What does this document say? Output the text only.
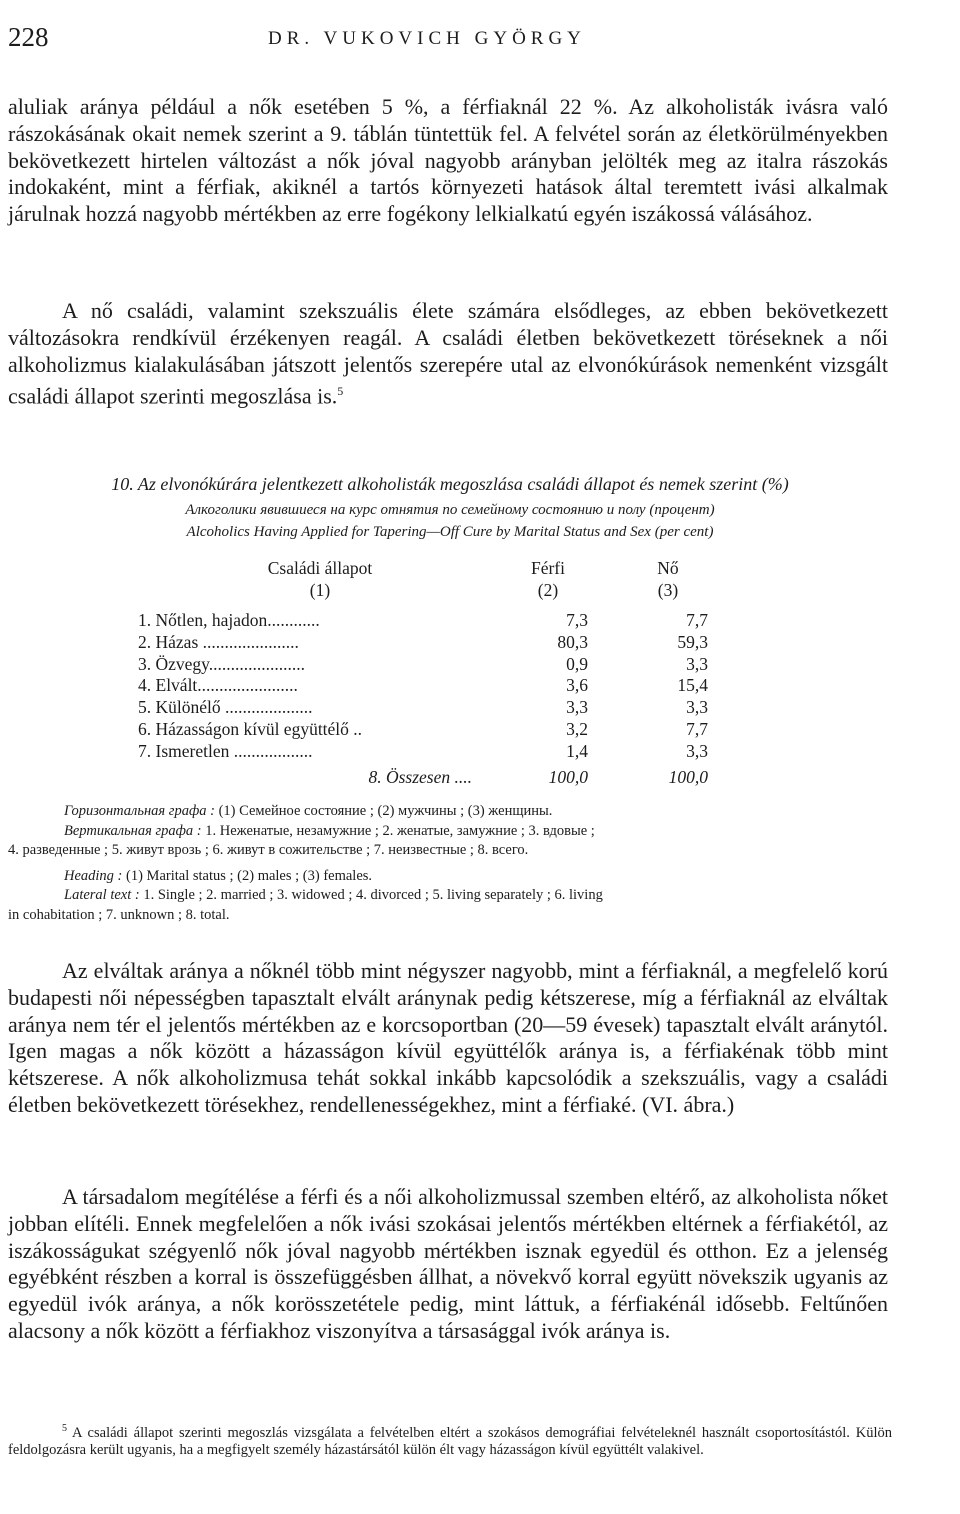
228	DR. VUKOVICH GYÖRGY

aluliak aránya például a nők esetében 5 %, a férfiaknál 22 %. Az alkoholisták ivásra való rászokásának okait nemek szerint a 9. táblán tüntettük fel. A felvétel során az életkörülményekben bekövetkezett hirtelen változást a nők jóval nagyobb arányban jelölték meg az italra rászokás indokaként, mint a férfiak, akiknél a tartós környezeti hatások által teremtett ivási alkalmak járulnak hozzá nagyobb mértékben az erre fogékony lelkialkatú egyén iszákossá válásához.

A nő családi, valamint szekszuális élete számára elsődleges, az ebben bekövetkezett változásokra rendkívül érzékenyen reagál. A családi életben bekövetkezett töréseknek a női alkoholizmus kialakulásában játszott jelentős szerepére utal az elvonókúrások nemenként vizsgált családi állapot szerinti megoszlása is.$^5$

10. Az elvonókúrára jelentkezett alkoholisták megoszlása családi állapot és nemek szerint (%)
Алкоголики явившиеся на курс отнятия по семейному состоянию и полу (процент)
Alcoholics Having Applied for Tapering—Off Cure by Marital Status and Sex (per cent)
Családi állapot	Férfi	Nő
(1)	(2)	(3)
1. Nőtlen, hajadon............	7,3	7,7
2. Házas ......................	80,3	59,3
3. Özvegy......................	0,9	3,3
4. Elvált.......................	3,6	15,4
5. Különélő ....................	3,3	3,3
6. Házasságon kívül együttélő ..	3,2	7,7
7. Ismeretlen ..................	1,4	3,3
8. Összesen ....	100,0	100,0

Горизонтальная графа : (1) Семейное состояние ; (2) мужчины ; (3) женщины.

Вертикальная графа : 1. Неженатые, незамужние ; 2. женатые, замужние ; 3. вдовые ;

4. разведенные ; 5. живут врозь ; 6. живут в сожительстве ; 7. неизвестные ; 8. всего.

Heading : (1) Marital status ; (2) males ; (3) females.

Lateral text : 1. Single ; 2. married ; 3. widowed ; 4. divorced ; 5. living separately ; 6. living

in cohabitation ; 7. unknown ; 8. total.

Az elváltak aránya a nőknél több mint négyszer nagyobb, mint a férfiaknál, a megfelelő korú budapesti női népességben tapasztalt elvált aránynak pedig kétszerese, míg a férfiaknál az elváltak aránya nem tér el jelentős mértékben az e korcsoportban (20—59 évesek) tapasztalt elvált aránytól. Igen magas a nők között a házasságon kívül együttélők aránya is, a férfiakénak több mint kétszerese. A nők alkoholizmusa tehát sokkal inkább kapcsolódik a szekszuális, vagy a családi életben bekövetkezett törésekhez, rendellenességekhez, mint a férfiaké. (VI. ábra.)

A társadalom megítélése a férfi és a női alkoholizmussal szemben eltérő, az alkoholista nőket jobban elítéli. Ennek megfelelően a nők ivási szokásai jelentős mértékben eltérnek a férfiakétól, az iszákosságukat szégyenlő nők jóval nagyobb mértékben isznak egyedül és otthon. Ez a jelenség egyébként részben a korral is összefüggésben állhat, a növekvő korral együtt növekszik ugyanis az egyedül ivók aránya, a nők korösszetétele pedig, mint láttuk, a férfiakénál idősebb. Feltűnően alacsony a nők között a férfiakhoz viszonyítva a társasággal ivók aránya is.

$^5$ A családi állapot szerinti megoszlás vizsgálata a felvételben eltért a szokásos demográfiai felvételeknél használt csoportosítástól. Külön feldolgozásra került ugyanis, ha a megfigyelt személy házastársától külön élt vagy házasságon kívül együttélt valakivel.
